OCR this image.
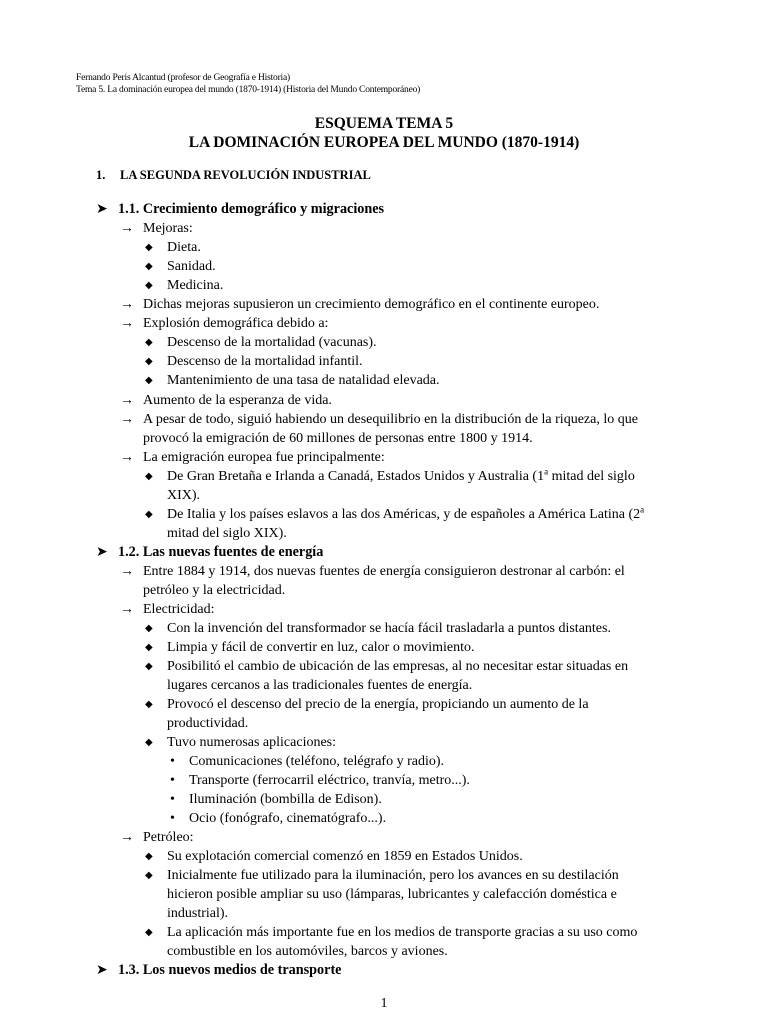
Fernando Peris Alcantud (profesor de Geografía e Historia)
Tema 5. La dominación europea del mundo (1870-1914) (Historia del Mundo Contemporáneo)
ESQUEMA TEMA 5
LA DOMINACIÓN EUROPEA DEL MUNDO (1870-1914)
1. LA SEGUNDA REVOLUCIÓN INDUSTRIAL
➤ 1.1. Crecimiento demográfico y migraciones
→ Mejoras:
◆ Dieta.
◆ Sanidad.
◆ Medicina.
→ Dichas mejoras supusieron un crecimiento demográfico en el continente europeo.
→ Explosión demográfica debido a:
◆ Descenso de la mortalidad (vacunas).
◆ Descenso de la mortalidad infantil.
◆ Mantenimiento de una tasa de natalidad elevada.
→ Aumento de la esperanza de vida.
→ A pesar de todo, siguió habiendo un desequilibrio en la distribución de la riqueza, lo que
provocó la emigración de 60 millones de personas entre 1800 y 1914.
→ La emigración europea fue principalmente:
◆ De Gran Bretaña e Irlanda a Canadá, Estados Unidos y Australia (1$^a$ mitad del siglo
XIX).
◆ De Italia y los países eslavos a las dos Américas, y de españoles a América Latina (2$^a$
mitad del siglo XIX).
➤ 1.2. Las nuevas fuentes de energía
→ Entre 1884 y 1914, dos nuevas fuentes de energía consiguieron destronar al carbón: el
petróleo y la electricidad.
→ Electricidad:
◆ Con la invención del transformador se hacía fácil trasladarla a puntos distantes.
◆ Limpia y fácil de convertir en luz, calor o movimiento.
◆ Posibilitó el cambio de ubicación de las empresas, al no necesitar estar situadas en
lugares cercanos a las tradicionales fuentes de energía.
◆ Provocó el descenso del precio de la energía, propiciando un aumento de la
productividad.
◆ Tuvo numerosas aplicaciones:
• Comunicaciones (teléfono, telégrafo y radio).
• Transporte (ferrocarril eléctrico, tranvía, metro...).
• Iluminación (bombilla de Edison).
• Ocio (fonógrafo, cinematógrafo...).
→ Petróleo:
◆ Su explotación comercial comenzó en 1859 en Estados Unidos.
◆ Inicialmente fue utilizado para la iluminación, pero los avances en su destilación
hicieron posible ampliar su uso (lámparas, lubricantes y calefacción doméstica e
industrial).
◆ La aplicación más importante fue en los medios de transporte gracias a su uso como
combustible en los automóviles, barcos y aviones.
➤ 1.3. Los nuevos medios de transporte
1
